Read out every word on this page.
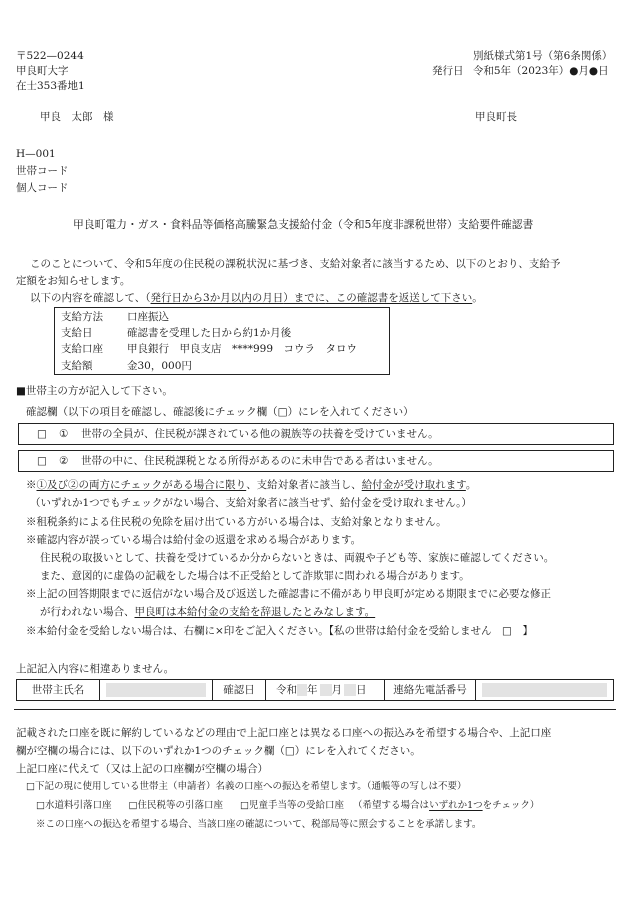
〒522—0244
甲良町大字
在士353番地1
別紙様式第1号（第6条関係）
発行日 令和5年（2023年）●月●日
甲良　太郎　様	甲良町長
H—001
世帯コード
個人コード
甲良町電力・ガス・食料品等価格高騰緊急支援給付金（令和5年度非課税世帯）支給要件確認書
このことについて、令和5年度の住民税の課税状況に基づき、支給対象者に該当するため、以下のとおり、支給予
定額をお知らせします。
以下の内容を確認して、（発行日から3か月以内の月日）までに、この確認書を返送して下さい。
支給方法	口座振込
支給日	確認書を受理した日から約1か月後
支給口座	甲良銀行　甲良支店　****999　コウラ　タロウ
支給額	金30，000円
■世帯主の方が記入して下さい。
確認欄（以下の項目を確認し、確認後にチェック欄（□）にレを入れてください）
□ ① 世帯の全員が、住民税が課されている他の親族等の扶養を受けていません。
□ ② 世帯の中に、住民税課税となる所得があるのに未申告である者はいません。
※①及び②の両方にチェックがある場合に限り、支給対象者に該当し、給付金が受け取れます。
（いずれか1つでもチェックがない場合、支給対象者に該当せず、給付金を受け取れません。）
※租税条約による住民税の免除を届け出ている方がいる場合は、支給対象となりません。
※確認内容が誤っている場合は給付金の返還を求める場合があります。
住民税の取扱いとして、扶養を受けているか分からないときは、両親や子ども等、家族に確認してください。
また、意図的に虚偽の記載をした場合は不正受給として詐欺罪に問われる場合があります。
※上記の回答期限までに返信がない場合及び返送した確認書に不備があり甲良町が定める期限までに必要な修正
が行われない場合、甲良町は本給付金の支給を辞退したとみなします。
※本給付金を受給しない場合は、右欄に×印をご記入ください。【私の世帯は給付金を受給しません　□　】
上記記入内容に相違ありません。
世帯主氏名		確認日	令和 年 月 日	連絡先電話番号	
記載された口座を既に解約しているなどの理由で上記口座とは異なる口座への振込みを希望する場合や、上記口座
欄が空欄の場合には、以下のいずれか1つのチェック欄（□）にレを入れてください。
上記口座に代えて（又は上記の口座欄が空欄の場合）
□下記の現に使用している世帯主（申請者）名義の口座への振込を希望します。（通帳等の写しは不要）
□水道料引落口座 □住民税等の引落口座 □児童手当等の受給口座 （希望する場合はいずれか1つをチェック）
※この口座への振込を希望する場合、当該口座の確認について、税部局等に照会することを承諾します。
